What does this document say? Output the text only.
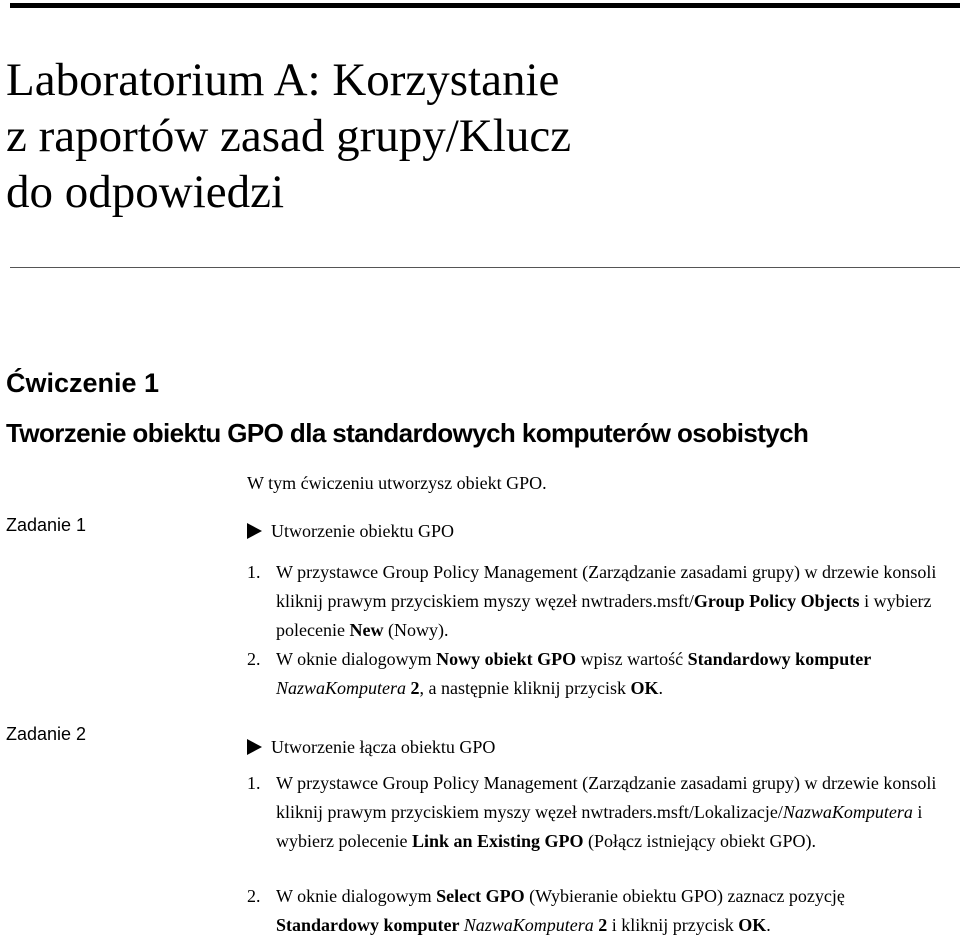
Laboratorium A: Korzystanie
z raportów zasad grupy/Klucz
do odpowiedzi
Ćwiczenie 1
Tworzenie obiektu GPO dla standardowych komputerów osobistych

W tym ćwiczeniu utworzysz obiekt GPO.

Zadanie 1	Utworzenie obiektu GPO

1. W przystawce Group Policy Management (Zarządzanie zasadami grupy) w drzewie konsoli kliknij prawym przyciskiem myszy węzeł nwtraders.msft/Group Policy Objects i wybierz polecenie New (Nowy).
2. W oknie dialogowym Nowy obiekt GPO wpisz wartość Standardowy komputer NazwaKomputera 2, a następnie kliknij przycisk OK.

Zadanie 2

Utworzenie łącza obiektu GPO

1. W przystawce Group Policy Management (Zarządzanie zasadami grupy) w drzewie konsoli kliknij prawym przyciskiem myszy węzeł nwtraders.msft/Lokalizacje/NazwaKomputera i wybierz polecenie Link an Existing GPO (Połącz istniejący obiekt GPO).
2. W oknie dialogowym Select GPO (Wybieranie obiektu GPO) zaznacz pozycję Standardowy komputer NazwaKomputera 2 i kliknij przycisk OK.
